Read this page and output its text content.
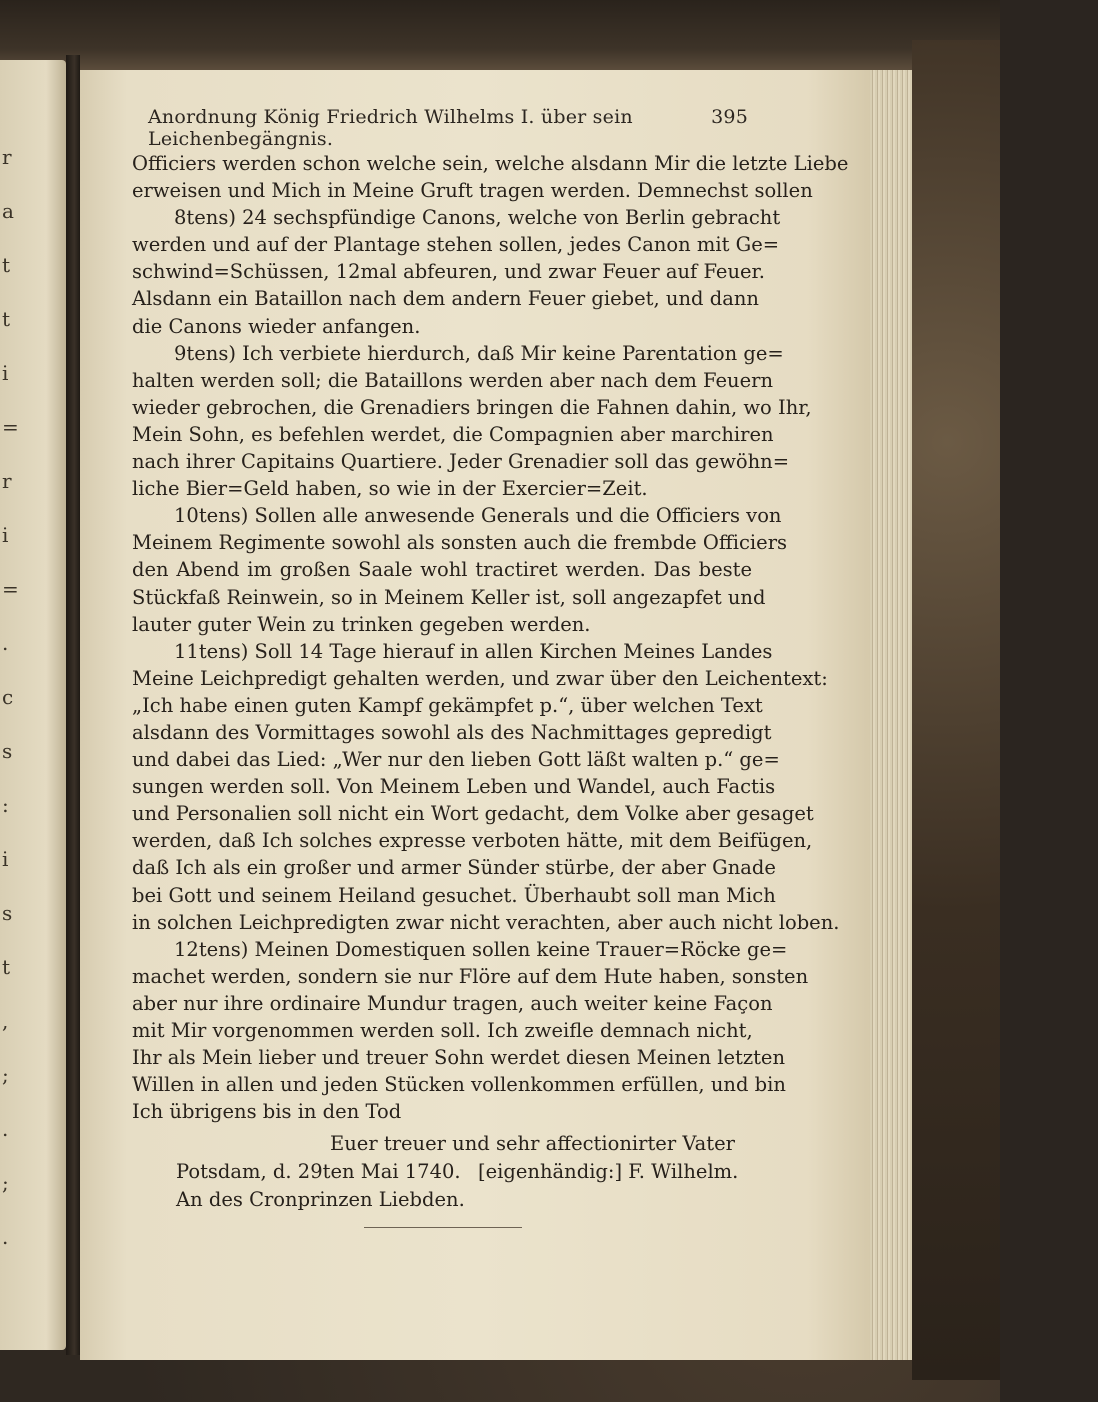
r
a
t
t
i
=
r
i
=
.
c
s
:
i
s
t
,
;
.
;
.
Anordnung König Friedrich Wilhelms I. über sein Leichenbegängnis.
395
Officiers werden schon welche sein, welche alsdann Mir die letzte Liebe
erweisen und Mich in Meine Gruft tragen werden. Demnechst sollen
8tens) 24 sechspfündige Canons, welche von Berlin gebracht
werden und auf der Plantage stehen sollen, jedes Canon mit Ge=
schwind=Schüssen, 12mal abfeuren, und zwar Feuer auf Feuer.
Alsdann ein Bataillon nach dem andern Feuer giebet, und dann
die Canons wieder anfangen.
9tens) Ich verbiete hierdurch, daß Mir keine Parentation ge=
halten werden soll; die Bataillons werden aber nach dem Feuern
wieder gebrochen, die Grenadiers bringen die Fahnen dahin, wo Ihr,
Mein Sohn, es befehlen werdet, die Compagnien aber marchiren
nach ihrer Capitains Quartiere. Jeder Grenadier soll das gewöhn=
liche Bier=Geld haben, so wie in der Exercier=Zeit.
10tens) Sollen alle anwesende Generals und die Officiers von
Meinem Regimente sowohl als sonsten auch die frembde Officiers
den Abend im großen Saale wohl tractiret werden. Das beste
Stückfaß Reinwein, so in Meinem Keller ist, soll angezapfet und
lauter guter Wein zu trinken gegeben werden.
11tens) Soll 14 Tage hierauf in allen Kirchen Meines Landes
Meine Leichpredigt gehalten werden, und zwar über den Leichentext:
„Ich habe einen guten Kampf gekämpfet p.“, über welchen Text
alsdann des Vormittages sowohl als des Nachmittages gepredigt
und dabei das Lied: „Wer nur den lieben Gott läßt walten p.“ ge=
sungen werden soll. Von Meinem Leben und Wandel, auch Factis
und Personalien soll nicht ein Wort gedacht, dem Volke aber gesaget
werden, daß Ich solches expresse verboten hätte, mit dem Beifügen,
daß Ich als ein großer und armer Sünder stürbe, der aber Gnade
bei Gott und seinem Heiland gesuchet. Überhaubt soll man Mich
in solchen Leichpredigten zwar nicht verachten, aber auch nicht loben.
12tens) Meinen Domestiquen sollen keine Trauer=Röcke ge=
machet werden, sondern sie nur Flöre auf dem Hute haben, sonsten
aber nur ihre ordinaire Mundur tragen, auch weiter keine Façon
mit Mir vorgenommen werden soll. Ich zweifle demnach nicht,
Ihr als Mein lieber und treuer Sohn werdet diesen Meinen letzten
Willen in allen und jeden Stücken vollenkommen erfüllen, und bin
Ich übrigens bis in den Tod
Euer treuer und sehr affectionirter Vater
Potsdam, d. 29ten Mai 1740. [eigenhändig:] F. Wilhelm.
An des Cronprinzen Liebden.
